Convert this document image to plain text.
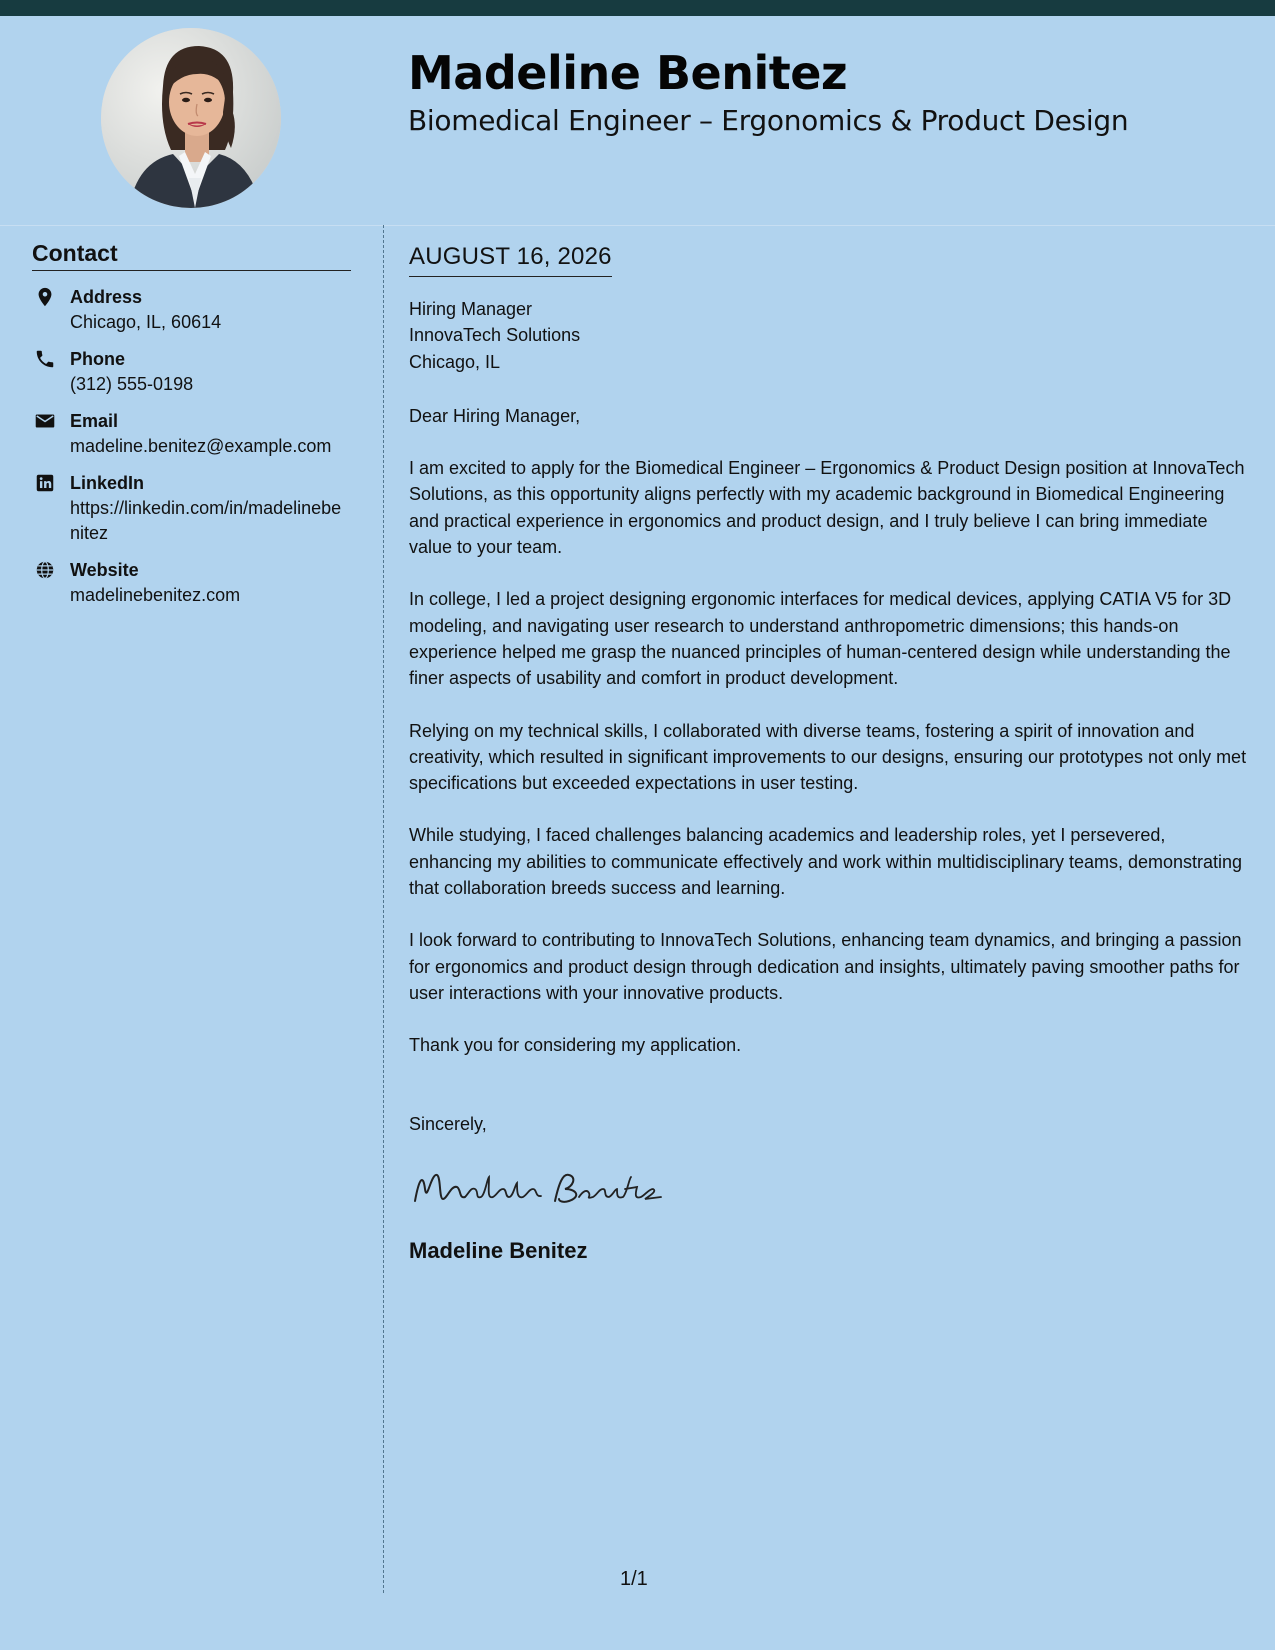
Madeline Benitez
Biomedical Engineer – Ergonomics & Product Design
Contact
Address
Chicago, IL, 60614
Phone
(312) 555-0198
Email
madeline.benitez@example.com
LinkedIn
https://linkedin.com/in/madelinebenitez
Website
madelinebenitez.com
AUGUST 16, 2026
Hiring Manager
InnovaTech Solutions
Chicago, IL
Dear Hiring Manager,

I am excited to apply for the Biomedical Engineer – Ergonomics & Product Design position at InnovaTech Solutions, as this opportunity aligns perfectly with my academic background in Biomedical Engineering and practical experience in ergonomics and product design, and I truly believe I can bring immediate value to your team.

In college, I led a project designing ergonomic interfaces for medical devices, applying CATIA V5 for 3D modeling, and navigating user research to understand anthropometric dimensions; this hands-on experience helped me grasp the nuanced principles of human-centered design while understanding the finer aspects of usability and comfort in product development.

Relying on my technical skills, I collaborated with diverse teams, fostering a spirit of innovation and creativity, which resulted in significant improvements to our designs, ensuring our prototypes not only met specifications but exceeded expectations in user testing.

While studying, I faced challenges balancing academics and leadership roles, yet I persevered, enhancing my abilities to communicate effectively and work within multidisciplinary teams, demonstrating that collaboration breeds success and learning.

I look forward to contributing to InnovaTech Solutions, enhancing team dynamics, and bringing a passion for ergonomics and product design through dedication and insights, ultimately paving smoother paths for user interactions with your innovative products.

Thank you for considering my application.

Sincerely,
Madeline Benitez
1/1
